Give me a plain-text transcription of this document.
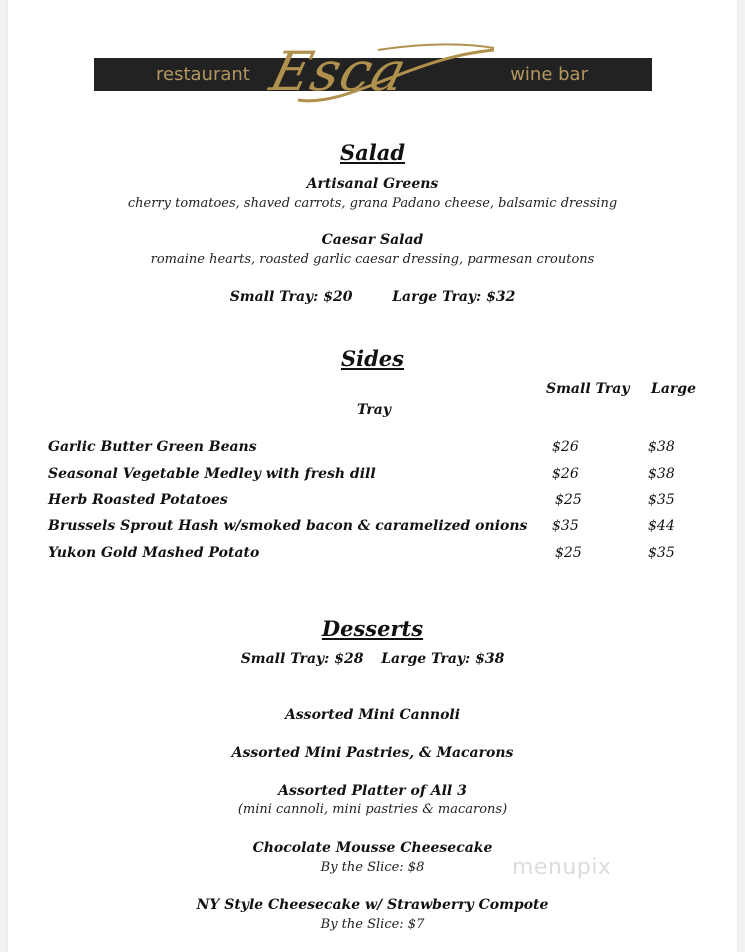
restaurant	wine bar
Esca
Salad
Artisanal Greens
cherry tomatoes, shaved carrots, grana Padano cheese, balsamic dressing
Caesar Salad
romaine hearts, roasted garlic caesar dressing, parmesan croutons
Small Tray: $20	Large Tray: $32
Sides
Small Tray Large
Tray
Garlic Butter Green Beans	$26	$38
Seasonal Vegetable Medley with fresh dill	$26	$38
Herb Roasted Potatoes	$25	$35
Brussels Sprout Hash w/smoked bacon & caramelized onions $35	$44
Yukon Gold Mashed Potato	$25	$35
Desserts
Small Tray: $28 Large Tray: $38
Assorted Mini Cannoli
Assorted Mini Pastries, & Macarons
Assorted Platter of All 3
(mini cannoli, mini pastries & macarons)
Chocolate Mousse Cheesecake
By the Slice: $8
NY Style Cheesecake w/ Strawberry Compote
By the Slice: $7
menupix
